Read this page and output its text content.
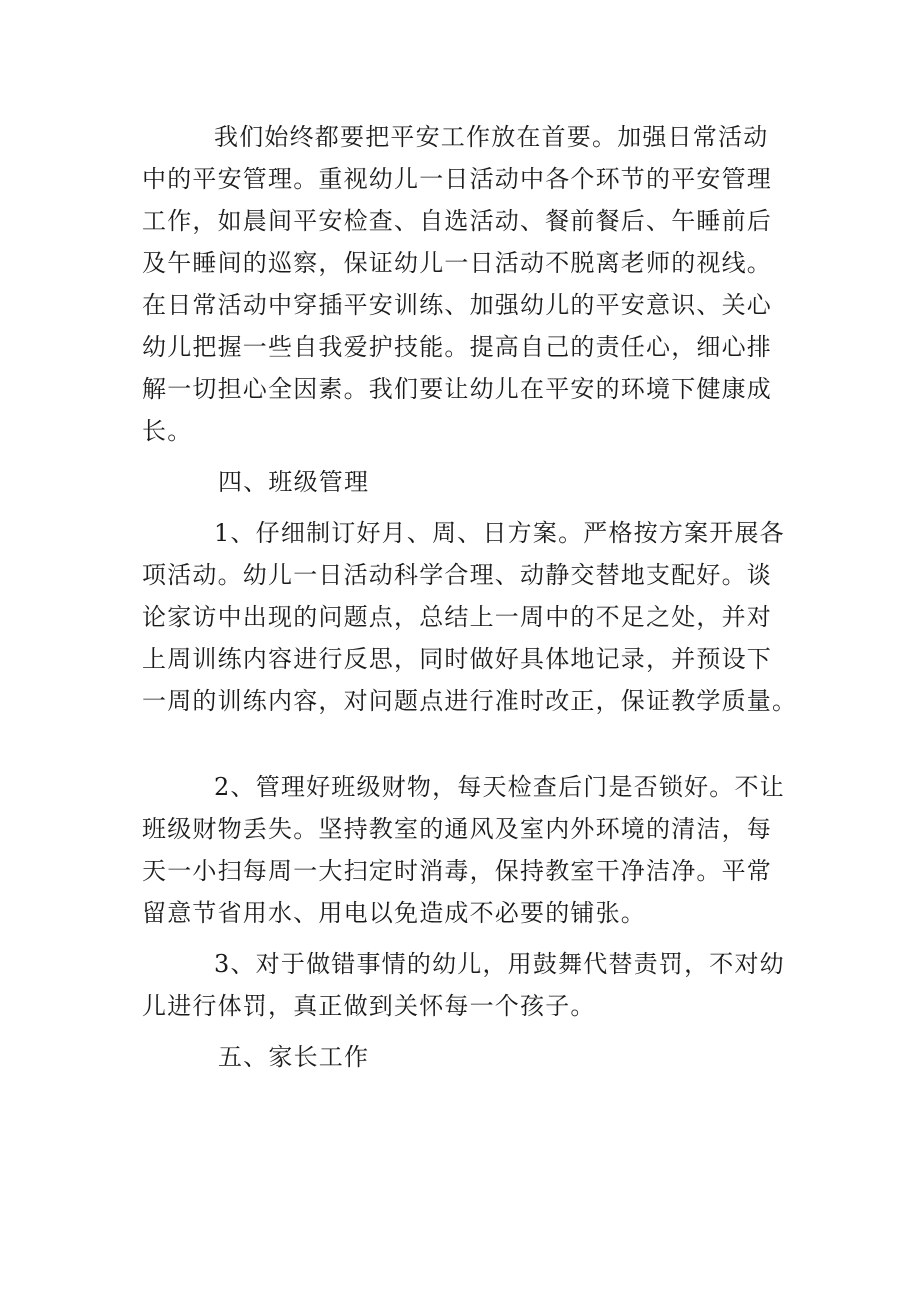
我们始终都要把平安工作放在首要。加强日常活动
中的平安管理。重视幼儿一日活动中各个环节的平安管理
工作，如晨间平安检查、自选活动、餐前餐后、午睡前后
及午睡间的巡察，保证幼儿一日活动不脱离老师的视线。
在日常活动中穿插平安训练、加强幼儿的平安意识、关心
幼儿把握一些自我爱护技能。提高自己的责任心，细心排
解一切担心全因素。我们要让幼儿在平安的环境下健康成
长。
四、班级管理
1、仔细制订好月、周、日方案。严格按方案开展各
项活动。幼儿一日活动科学合理、动静交替地支配好。谈
论家访中出现的问题点，总结上一周中的不足之处，并对
上周训练内容进行反思，同时做好具体地记录，并预设下
一周的训练内容，对问题点进行准时改正，保证教学质量。
2、管理好班级财物，每天检查后门是否锁好。不让
班级财物丢失。坚持教室的通风及室内外环境的清洁，每
天一小扫每周一大扫定时消毒，保持教室干净洁净。平常
留意节省用水、用电以免造成不必要的铺张。
3、对于做错事情的幼儿，用鼓舞代替责罚，不对幼
儿进行体罚，真正做到关怀每一个孩子。
五、家长工作
